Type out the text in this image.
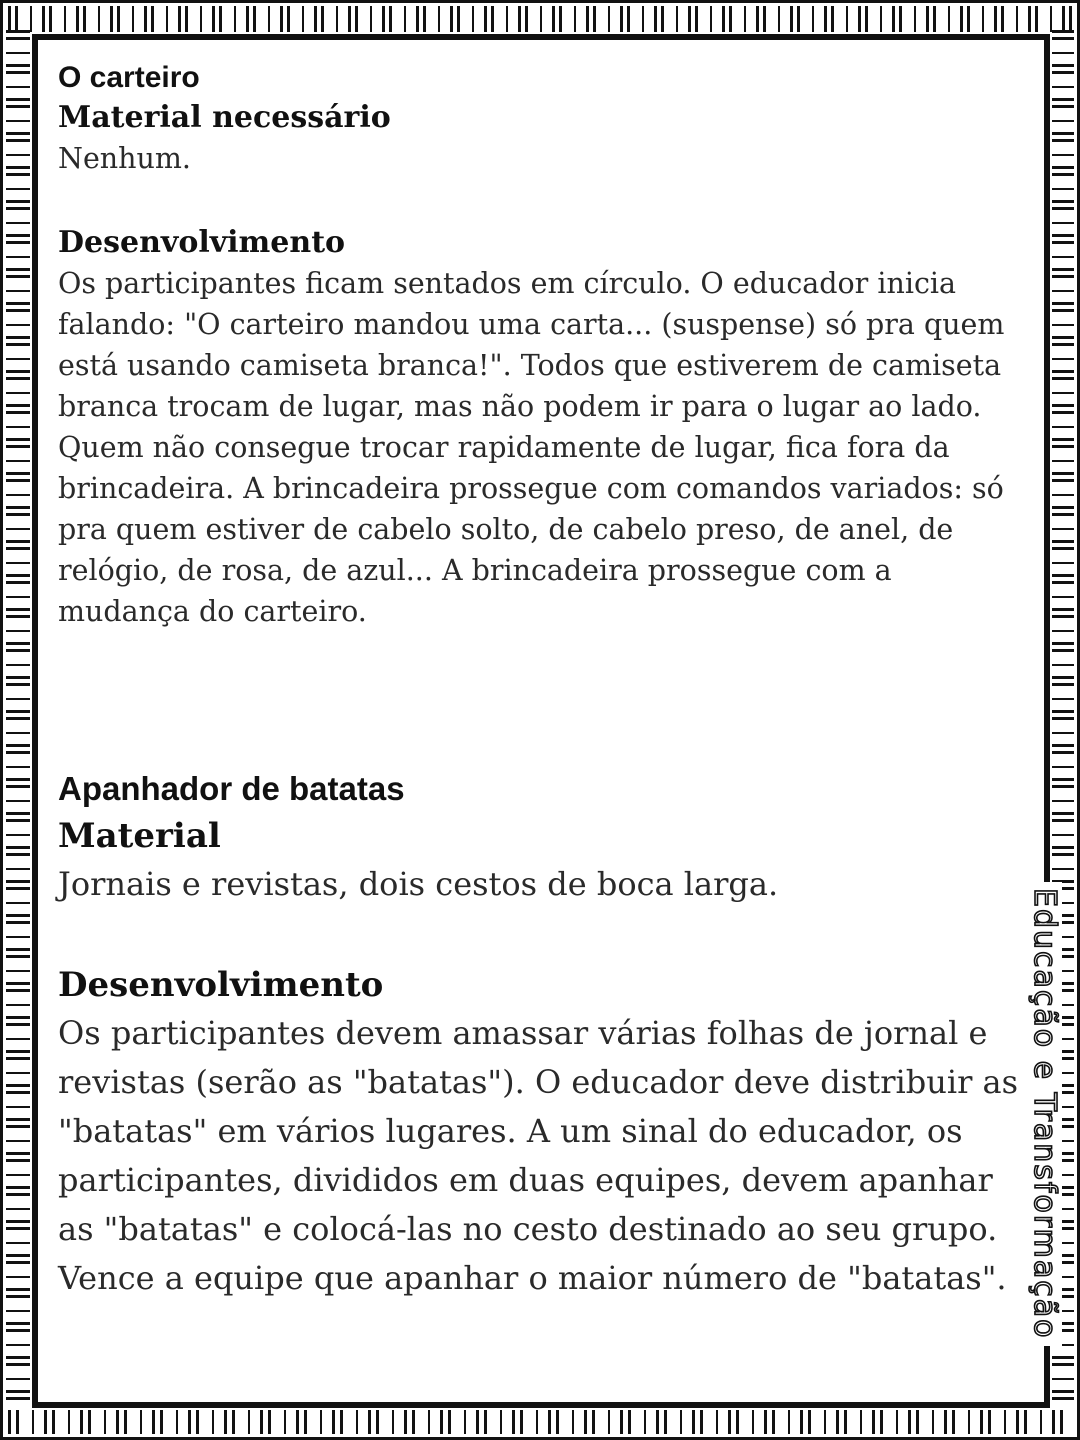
O carteiro
Material necessário

Nenhum.

Desenvolvimento

Os participantes ficam sentados em círculo. O educador inicia falando: "O carteiro mandou uma carta... (suspense) só pra quem está usando camiseta branca!". Todos que estiverem de camiseta branca trocam de lugar, mas não podem ir para o lugar ao lado. Quem não consegue trocar rapidamente de lugar, fica fora da brincadeira. A brincadeira prossegue com comandos variados: só pra quem estiver de cabelo solto, de cabelo preso, de anel, de relógio, de rosa, de azul... A brincadeira prossegue com a mudança do carteiro.

Apanhador de batatas
Material

Jornais e revistas, dois cestos de boca larga.

Desenvolvimento

Os participantes devem amassar várias folhas de jornal e revistas (serão as "batatas"). O educador deve distribuir as "batatas" em vários lugares. A um sinal do educador, os participantes, divididos em duas equipes, devem apanhar as "batatas" e colocá-las no cesto destinado ao seu grupo. Vence a equipe que apanhar o maior número de "batatas". Educação e Transformação
